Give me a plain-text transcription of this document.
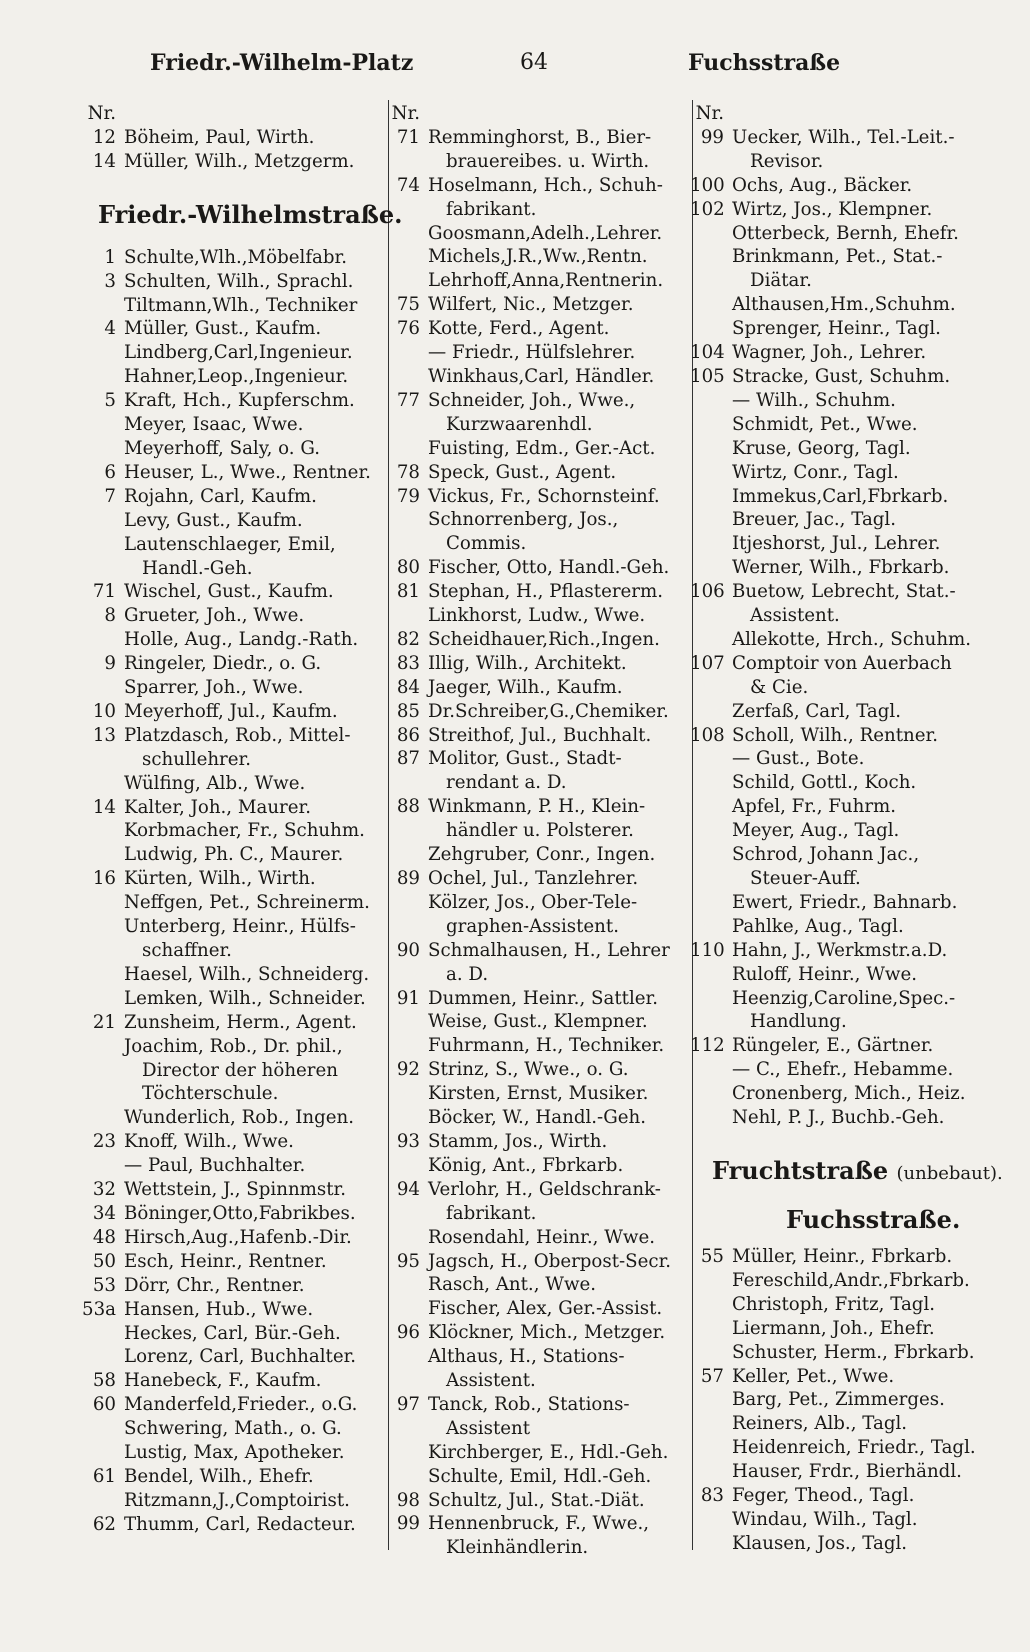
Friedr.-Wilhelm-Platz	64	Fuchsstraße
Nr.
12 Böheim, Paul, Wirth.
14 Müller, Wilh., Metzgerm.
Friedr.-Wilhelmstraße.
1 Schulte,Wlh.,Möbelfabr.
3 Schulten, Wilh., Sprachl.
Tiltmann,Wlh., Techniker
4 Müller, Gust., Kaufm.
Lindberg,Carl,Ingenieur.
Hahner,Leop.,Ingenieur.
5 Kraft, Hch., Kupferschm.
Meyer, Isaac, Wwe.
Meyerhoff, Saly, o. G.
6 Heuser, L., Wwe., Rentner.
7 Rojahn, Carl, Kaufm.
Levy, Gust., Kaufm.
Lautenschlaeger, Emil,
Handl.-Geh.
71 Wischel, Gust., Kaufm.
8 Grueter, Joh., Wwe.
Holle, Aug., Landg.-Rath.
9 Ringeler, Diedr., o. G.
Sparrer, Joh., Wwe.
10 Meyerhoff, Jul., Kaufm.
13 Platzdasch, Rob., Mittel-
schullehrer.
Wülfing, Alb., Wwe.
14 Kalter, Joh., Maurer.
Korbmacher, Fr., Schuhm.
Ludwig, Ph. C., Maurer.
16 Kürten, Wilh., Wirth.
Neffgen, Pet., Schreinerm.
Unterberg, Heinr., Hülfs-
schaffner.
Haesel, Wilh., Schneiderg.
Lemken, Wilh., Schneider.
21 Zunsheim, Herm., Agent.
Joachim, Rob., Dr. phil.,
Director der höheren
Töchterschule.
Wunderlich, Rob., Ingen.
23 Knoff, Wilh., Wwe.
— Paul, Buchhalter.
32 Wettstein, J., Spinnmstr.
34 Böninger,Otto,Fabrikbes.
48 Hirsch,Aug.,Hafenb.-Dir.
50 Esch, Heinr., Rentner.
53 Dörr, Chr., Rentner.
53a Hansen, Hub., Wwe.
Heckes, Carl, Bür.-Geh.
Lorenz, Carl, Buchhalter.
58 Hanebeck, F., Kaufm.
60 Manderfeld,Frieder., o.G.
Schwering, Math., o. G.
Lustig, Max, Apotheker.
61 Bendel, Wilh., Ehefr.
Ritzmann,J.,Comptoirist.
62 Thumm, Carl, Redacteur.
Nr.
71 Remminghorst, B., Bier-
brauereibes. u. Wirth.
74 Hoselmann, Hch., Schuh-
fabrikant.
Goosmann,Adelh.,Lehrer.
Michels,J.R.,Ww.,Rentn.
Lehrhoff,Anna,Rentnerin.
75 Wilfert, Nic., Metzger.
76 Kotte, Ferd., Agent.
— Friedr., Hülfslehrer.
Winkhaus,Carl, Händler.
77 Schneider, Joh., Wwe.,
Kurzwaarenhdl.
Fuisting, Edm., Ger.-Act.
78 Speck, Gust., Agent.
79 Vickus, Fr., Schornsteinf.
Schnorrenberg, Jos.,
Commis.
80 Fischer, Otto, Handl.-Geh.
81 Stephan, H., Pflastererm.
Linkhorst, Ludw., Wwe.
82 Scheidhauer,Rich.,Ingen.
83 Illig, Wilh., Architekt.
84 Jaeger, Wilh., Kaufm.
85 Dr.Schreiber,G.,Chemiker.
86 Streithof, Jul., Buchhalt.
87 Molitor, Gust., Stadt-
rendant a. D.
88 Winkmann, P. H., Klein-
händler u. Polsterer.
Zehgruber, Conr., Ingen.
89 Ochel, Jul., Tanzlehrer.
Kölzer, Jos., Ober-Tele-
graphen-Assistent.
90 Schmalhausen, H., Lehrer
a. D.
91 Dummen, Heinr., Sattler.
Weise, Gust., Klempner.
Fuhrmann, H., Techniker.
92 Strinz, S., Wwe., o. G.
Kirsten, Ernst, Musiker.
Böcker, W., Handl.-Geh.
93 Stamm, Jos., Wirth.
König, Ant., Fbrkarb.
94 Verlohr, H., Geldschrank-
fabrikant.
Rosendahl, Heinr., Wwe.
95 Jagsch, H., Oberpost-Secr.
Rasch, Ant., Wwe.
Fischer, Alex, Ger.-Assist.
96 Klöckner, Mich., Metzger.
Althaus, H., Stations-
Assistent.
97 Tanck, Rob., Stations-
Assistent
Kirchberger, E., Hdl.-Geh.
Schulte, Emil, Hdl.-Geh.
98 Schultz, Jul., Stat.-Diät.
99 Hennenbruck, F., Wwe.,
Kleinhändlerin.
Nr.
99 Uecker, Wilh., Tel.-Leit.-
Revisor.
100 Ochs, Aug., Bäcker.
102 Wirtz, Jos., Klempner.
Otterbeck, Bernh, Ehefr.
Brinkmann, Pet., Stat.-
Diätar.
Althausen,Hm.,Schuhm.
Sprenger, Heinr., Tagl.
104 Wagner, Joh., Lehrer.
105 Stracke, Gust, Schuhm.
— Wilh., Schuhm.
Schmidt, Pet., Wwe.
Kruse, Georg, Tagl.
Wirtz, Conr., Tagl.
Immekus,Carl,Fbrkarb.
Breuer, Jac., Tagl.
Itjeshorst, Jul., Lehrer.
Werner, Wilh., Fbrkarb.
106 Buetow, Lebrecht, Stat.-
Assistent.
Allekotte, Hrch., Schuhm.
107 Comptoir von Auerbach
& Cie.
Zerfaß, Carl, Tagl.
108 Scholl, Wilh., Rentner.
— Gust., Bote.
Schild, Gottl., Koch.
Apfel, Fr., Fuhrm.
Meyer, Aug., Tagl.
Schrod, Johann Jac.,
Steuer-Auff.
Ewert, Friedr., Bahnarb.
Pahlke, Aug., Tagl.
110 Hahn, J., Werkmstr.a.D.
Ruloff, Heinr., Wwe.
Heenzig,Caroline,Spec.-
Handlung.
112 Rüngeler, E., Gärtner.
— C., Ehefr., Hebamme.
Cronenberg, Mich., Heiz.
Nehl, P. J., Buchb.-Geh.
Fruchtstraße (unbebaut).
Fuchsstraße.
55 Müller, Heinr., Fbrkarb.
Fereschild,Andr.,Fbrkarb.
Christoph, Fritz, Tagl.
Liermann, Joh., Ehefr.
Schuster, Herm., Fbrkarb.
57 Keller, Pet., Wwe.
Barg, Pet., Zimmerges.
Reiners, Alb., Tagl.
Heidenreich, Friedr., Tagl.
Hauser, Frdr., Bierhändl.
83 Feger, Theod., Tagl.
Windau, Wilh., Tagl.
Klausen, Jos., Tagl.
